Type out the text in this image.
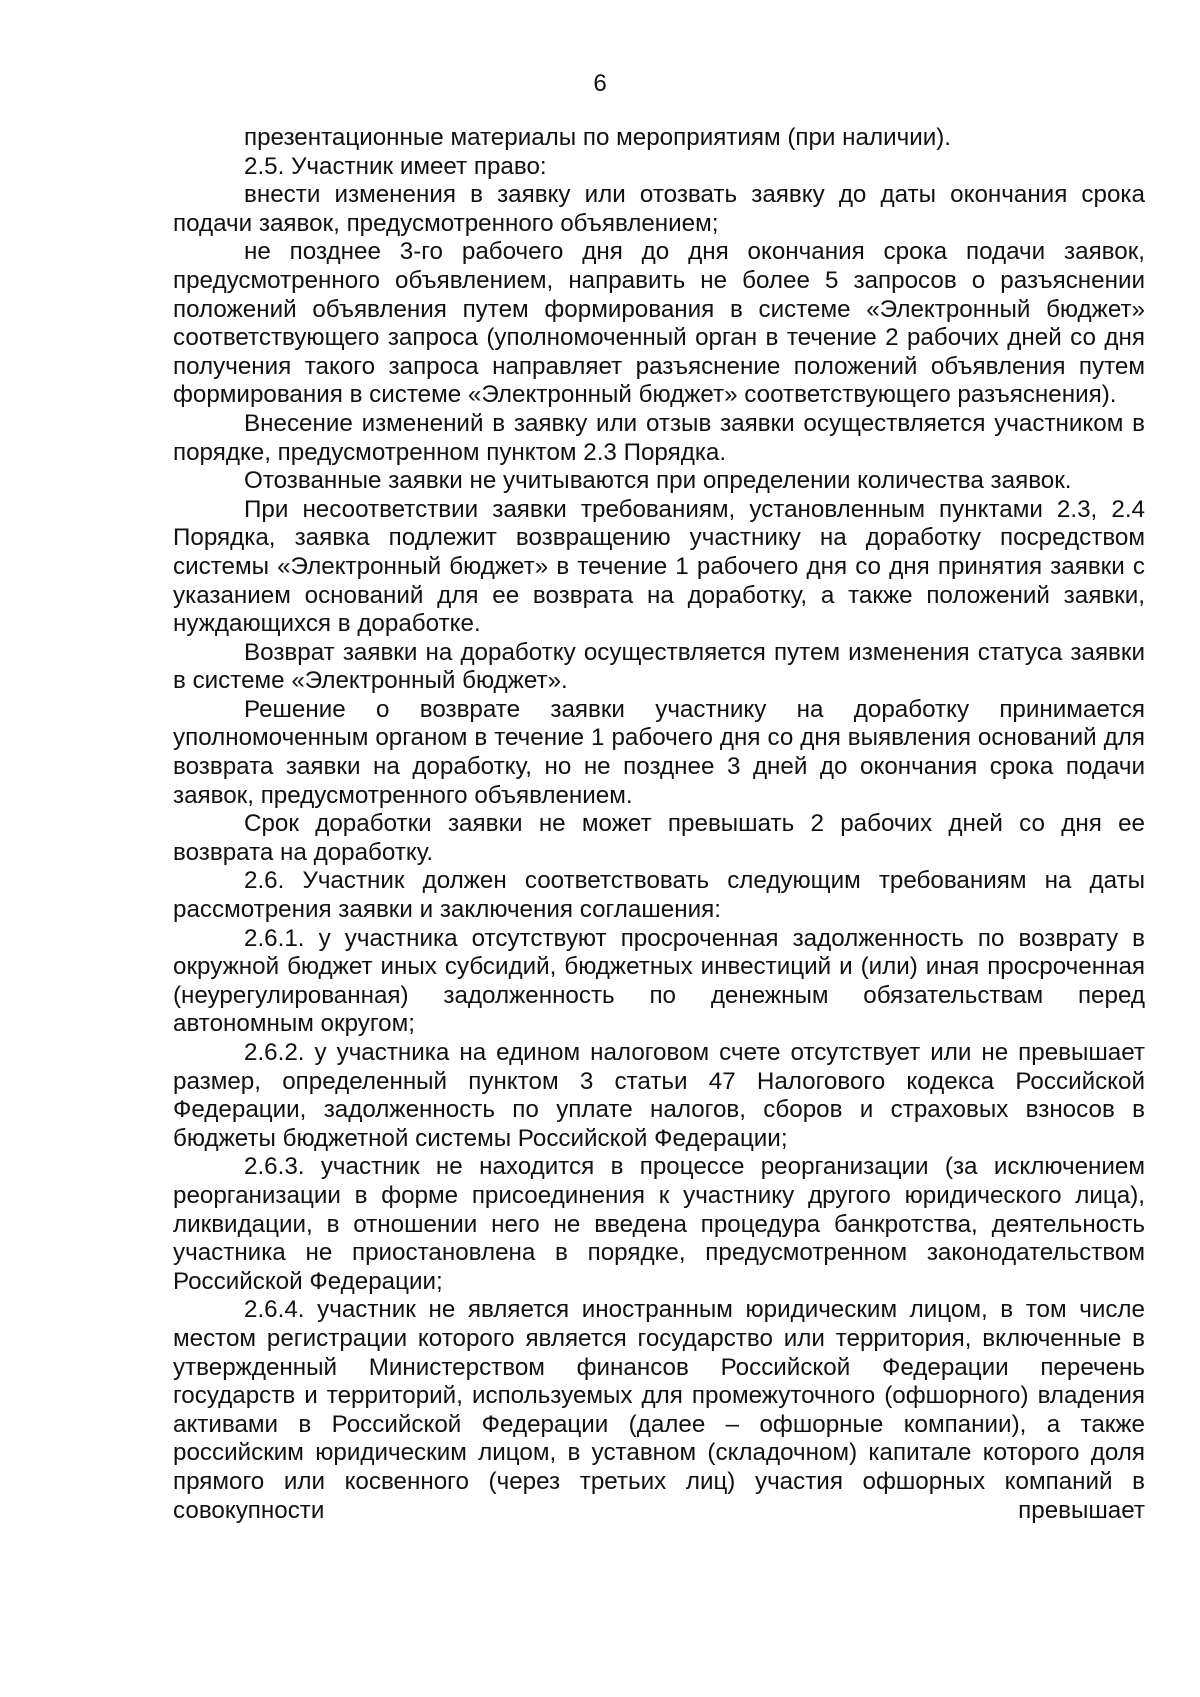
6

презентационные материалы по мероприятиям (при наличии).

2.5. Участник имеет право:

внести изменения в заявку или отозвать заявку до даты окончания срока подачи заявок, предусмотренного объявлением;

не позднее 3-го рабочего дня до дня окончания срока подачи заявок, предусмотренного объявлением, направить не более 5 запросов о разъяснении положений объявления путем формирования в системе «Электронный бюджет» соответствующего запроса (уполномоченный орган в течение 2 рабочих дней со дня получения такого запроса направляет разъяснение положений объявления путем формирования в системе «Электронный бюджет» соответствующего разъяснения).

Внесение изменений в заявку или отзыв заявки осуществляется участником в порядке, предусмотренном пунктом 2.3 Порядка.

Отозванные заявки не учитываются при определении количества заявок.

При несоответствии заявки требованиям, установленным пунктами 2.3, 2.4 Порядка, заявка подлежит возвращению участнику на доработку посредством системы «Электронный бюджет» в течение 1 рабочего дня со дня принятия заявки с указанием оснований для ее возврата на доработку, а также положений заявки, нуждающихся в доработке.

Возврат заявки на доработку осуществляется путем изменения статуса заявки в системе «Электронный бюджет».

Решение о возврате заявки участнику на доработку принимается уполномоченным органом в течение 1 рабочего дня со дня выявления оснований для возврата заявки на доработку, но не позднее 3 дней до окончания срока подачи заявок, предусмотренного объявлением.

Срок доработки заявки не может превышать 2 рабочих дней со дня ее возврата на доработку.

2.6. Участник должен соответствовать следующим требованиям на даты рассмотрения заявки и заключения соглашения:

2.6.1. у участника отсутствуют просроченная задолженность по возврату в окружной бюджет иных субсидий, бюджетных инвестиций и (или) иная просроченная (неурегулированная) задолженность по денежным обязательствам перед автономным округом;

2.6.2. у участника на едином налоговом счете отсутствует или не превышает размер, определенный пунктом 3 статьи 47 Налогового кодекса Российской Федерации, задолженность по уплате налогов, сборов и страховых взносов в бюджеты бюджетной системы Российской Федерации;

2.6.3. участник не находится в процессе реорганизации (за исключением реорганизации в форме присоединения к участнику другого юридического лица), ликвидации, в отношении него не введена процедура банкротства, деятельность участника не приостановлена в порядке, предусмотренном законодательством Российской Федерации;

2.6.4. участник не является иностранным юридическим лицом, в том числе местом регистрации которого является государство или территория, включенные в утвержденный Министерством финансов Российской Федерации перечень государств и территорий, используемых для промежуточного (офшорного) владения активами в Российской Федерации (далее – офшорные компании), а также российским юридическим лицом, в уставном (складочном) капитале которого доля прямого или косвенного (через третьих лиц) участия офшорных компаний в совокупности превышает
